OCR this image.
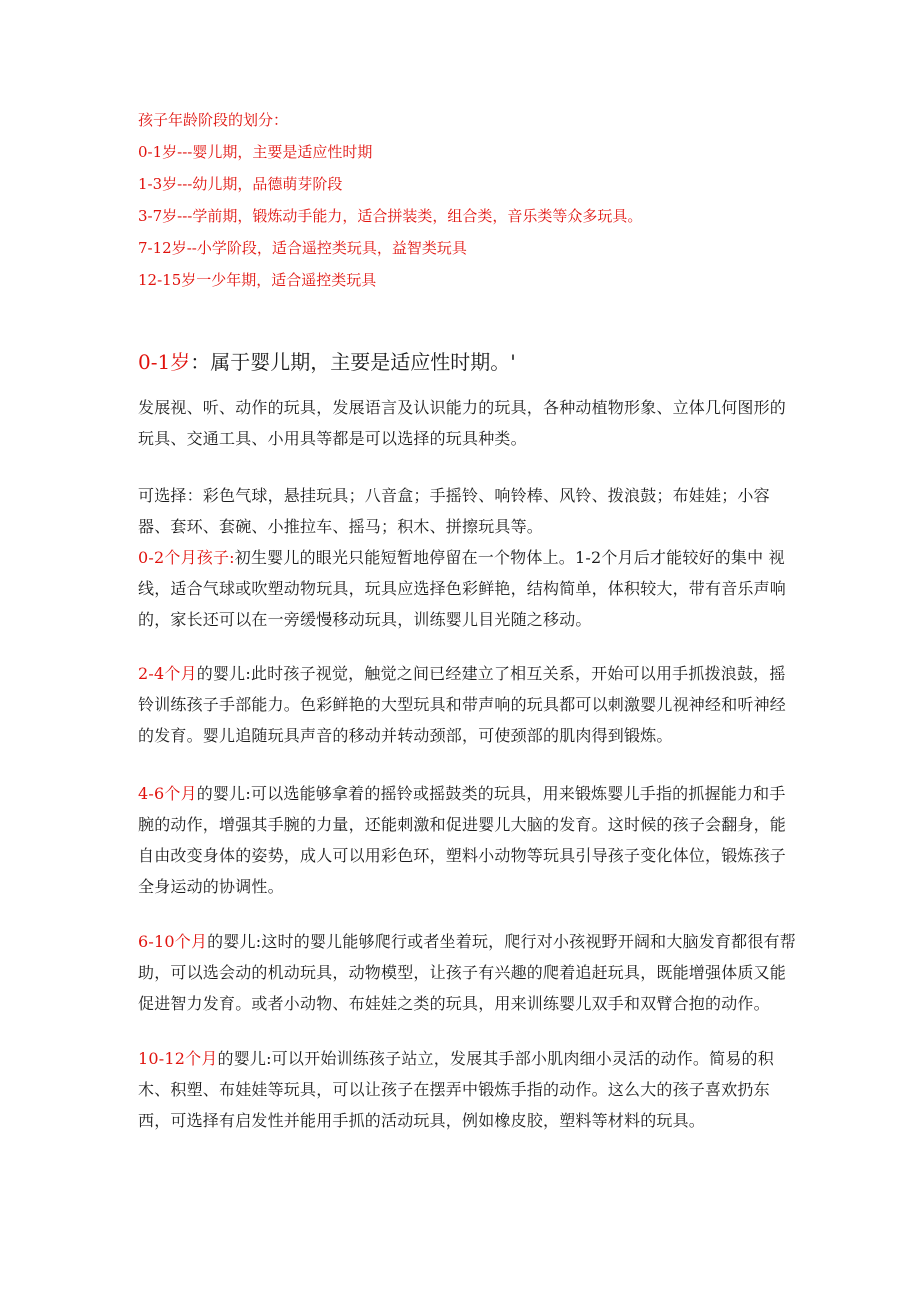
孩子年龄阶段的划分：

0-1岁---婴儿期，主要是适应性时期

1-3岁---幼儿期，品德萌芽阶段

3-7岁---学前期，锻炼动手能力，适合拼装类，组合类，音乐类等众多玩具。

7-12岁--小学阶段，适合遥控类玩具，益智类玩具

12-15岁一少年期，适合遥控类玩具

0-1岁：属于婴儿期，主要是适应性时期。'

发展视、听、动作的玩具，发展语言及认识能力的玩具，各种动植物形象、立体几何图形的玩具、交通工具、小用具等都是可以选择的玩具种类。

可选择：彩色气球，悬挂玩具；八音盒；手摇铃、响铃棒、风铃、拨浪鼓；布娃娃；小容器、套环、套碗、小推拉车、摇马；积木、拼擦玩具等。

0-2个月孩子:初生婴儿的眼光只能短暂地停留在一个物体上。1-2个月后才能较好的集中 视线，适合气球或吹塑动物玩具，玩具应选择色彩鲜艳，结构简单，体积较大，带有音乐声响的，家长还可以在一旁缓慢移动玩具，训练婴儿目光随之移动。

2-4个月的婴儿:此时孩子视觉，触觉之间已经建立了相互关系，开始可以用手抓拨浪鼓，摇铃训练孩子手部能力。色彩鲜艳的大型玩具和带声响的玩具都可以刺激婴儿视神经和听神经的发育。婴儿追随玩具声音的移动并转动颈部，可使颈部的肌肉得到锻炼。

4-6个月的婴儿:可以选能够拿着的摇铃或摇鼓类的玩具，用来锻炼婴儿手指的抓握能力和手腕的动作，增强其手腕的力量，还能刺激和促进婴儿大脑的发育。这时候的孩子会翻身，能自由改变身体的姿势，成人可以用彩色环，塑料小动物等玩具引导孩子变化体位，锻炼孩子全身运动的协调性。

6-10个月的婴儿:这时的婴儿能够爬行或者坐着玩，爬行对小孩视野开阔和大脑发育都很有帮助，可以选会动的机动玩具，动物模型，让孩子有兴趣的爬着追赶玩具，既能增强体质又能促进智力发育。或者小动物、布娃娃之类的玩具，用来训练婴儿双手和双臂合抱的动作。

10-12个月的婴儿:可以开始训练孩子站立，发展其手部小肌肉细小灵活的动作。简易的积木、积塑、布娃娃等玩具，可以让孩子在摆弄中锻炼手指的动作。这么大的孩子喜欢扔东西，可选择有启发性并能用手抓的活动玩具，例如橡皮胶，塑料等材料的玩具。
